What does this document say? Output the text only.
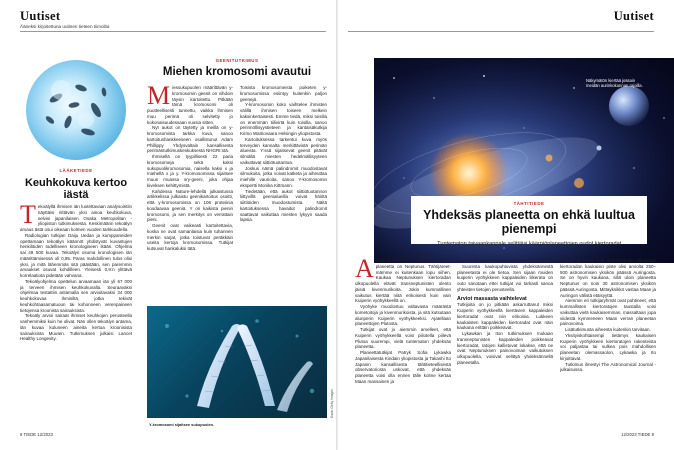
Uutiset	Uutiset
Ääneksi kirjoitettuna uutinen tieteen tiimoilta
LÄÄKETIEDE
Keuhkokuva kertoo iästä

Tekoälyllä ihmisen iän luotettavaan analysointiin näyttäisi riittävän yksi ainoa keuhkokuva, selvisi japanilaisen Osaka Metropolitan -yliopiston tutkimuksesta. Keskimäärin tekoälyn arvaus ästä osui oikeaan kolmen vuoden tarkkuudella.

Radiologian tutkijan Daiju Uedan ja kumppaneiden opettamaan tekoälyn käännöt yhdistyvät kuvantujen henkilöiden todelliseen kronologiseen ikään. Ohjelma sai 49 500 kuvaa. Tekoälyn osuma kronologisen iän määrittämisessä oli 0,95. Paras mahdollinen tulos olisi yksi, ja mitä lähemmäs sitä päästään, sen paremmin arvaukset osuvat kohdilleen. Yleisesti 0,9:n ylittävä korrelaatiota pidetään vahvana.

Tekoälyohjelma opettelun arvaamaan iän yli 67 000 ja terveen ihmisen keuhkokuvalla. Seuraavaksi ohjelmaa testattiin antamalla sen arvioitavaksi 34 000 keuhkokuvaa ihmisiltä, jotka tekivät keuhkohtaasamatuoun tai kohonneen verenpaineen tietojensa kroonista sairauksista.

Tekoäly arvioi sairaat ihmiset keuhkojen perusteella vanhemmiksi kuin he olivat. Nän ollen tekoälyn antama, iän kuvaa kuluneen aineita kertoa kroonisista sairauksista Muuten. Tutkimuksen julkaisi Lancet Healthy Longevity.

GEENITUTKIMUS
Miehen kromosomi avautui

Miessukupuolen määrittävän y-kromosomin geenit on vihdoin täysin kartoitettu. Pitkään tämä kromosomi oli puutteellisesti tunnettu, vaikka ihmisen muu perimä oli selvitetty jo kokonaisuudessaan vuosia sitten.

Nyt aukot on täytetty ja meillä on y-kromosomista tarkka kuva, sanoo kartoitushankkeeseen osallistunut Adam Phillippy Yhdysvaltain kansallisesta perimäntutkimuskeskuksesta NHGRI:stä.

Ihmisellä on tyypillisesti 22 paria kromosomeja sekä kaksi sukupuolikromosomia, naisella kaksi x ja miehellä x ja y. Y-kromosomissa sijaitsee muun muassa sry-geeni, joka ohjaa kiveksen kehittymistä.

Kahdessa Nature-lehdellä julkaistussa artikkelissa julkaistu geenikartoitus osoitti, että y-kromosomissa on 106 proteiinia koodaavaa geeniä. Y on kaikista pienin kromosomi, ja sen merkitys on verrattain pieni.

Geenit ovat vaikeasti kartoitettavia, koska ne ovat samanlaisia kuin tuhannen merkin sarjat, jotka toistuvat peräkkäin useita kertoja kromosomissa. Tutkijat kutsuvat hankaluksi tätä.

Toisista kromosomeista poiketen y-kromosomissa esiintyy kuitenkin paljon geenejä.

Y-kromosomin koko vaihtelee ihmisten välillä ihmisen toiseen melkein kaksinkertaisesti. Emme tiedä, miksi toisilla on enemmän tiilivirtä kuin toisilla, sanoo perinnöllisyystieteen ja kantaisäkutkija Kirmo Wartiovaara Helsingin yliopistosta.

Kartoituksessa tarkentui kuva myös terveyden kannalta merkittävistä perimän alueista. Y:ssä sijaitsevat geenit pitävät silmällä miesten hedelmällisyyteen vaikuttavat siittiötuotantoa.

Joskus nämä palindromit muodostavat silmukoita, jotka voivat katketa ja aiheuttaa miehille vaurioita, sanoo Y-kromosomin ekspertti Monika Kittmann.

Tiedetään, että aukot siittiötuotannon liittyvillä geenialueilla voivat häiritä siittiöiden muodostumista. Näitä kartoituksessa havaitut palindromit saattavat vaikuttaa miesten lykyyn saada lapsia.

Y-kromosomi sijaitsee sukupuolen.
Kuva: Getty Images
Näkymätön kiertää jossain meidän aurinkokunnan rajoilla.
TÄHTITIEDE
Yhdeksäs planeetta on ehkä luultua pienempi
Tuntematon taivaankappale selittäisi käärpiöplaneettojen oudot kiertoradat.

Aurinkokuntamme uloin tunnettu planeetta on Neptunus. Tähtijäreet-mämme ei kuitenkaan lopu siihen. Kaukaa Neptunuksen kiertoradan ulkopuolella elävät transneptunisten olento jäisiä kivenmurikoita. Jokin kummallinen vaikutus kiertää niitä erikoisesti kuin vain Kuiperin vyöhykkeellä on.

Vyöhyke muodostuu valtavasta määrästä kometoitoja ja kivenmurikoista, ja sitä kutsutaan alunperin Kuiperin vyöhykkeeksi. Ajatellaan planeettojen Plutosta.

Tutkijat ovat jo aiemmin arvelleet, että Kuiperin vyöhykkeellä voisi piilotella piilevä Plutoa suurempi, vielä tuntematon yhdeksäs planeetta.

Planeettatutkijat Patryk Sofia Lykawka Japanilaisesta Kindain yliopistosta ja Takashi Ito Japanin kansallisesta tähtitieteellisestä observatoriosta uskovat, että yhdeksäs planeetta voisi olla ennen tälle kolme kertaa Maan massainen ja

kätketty kaukana aurinkokuntamme äärilaidalla.

Suuresta kaukopuhtuvista yhdeksännestä planeetasta ei ole tietoa. Sen sijaan muiden kuiperin vyöhykkeen kappaleiden liikerata on outo sanotaan ettei tutkijat voi tarkasti sanoa yhteisten tietojen perusteella.

Arviot massasta vaihtelevat

Tutkijoita on jo pitkään askarruttanut miksi Kuiperin vyöhykkeellä kiertävien kappaleiden kiertoradat ovat niin erikoisia. Lukkeen kaukaisten kappaleiden kiertoradat ovat näin kaukana erittäin poikkeavat.

Lykawkan ja Iton tutkimuksen mukaan transneptunisten kappaleiden poikkeavat kiertoradat, ratojen kallistuvat lokakse, että ne ovat Neptunuksen painovoiman vaikutuksen ulkopuolella, voisivat selittyä yhdeksännellä planeetalla.

Tutkijat laskevat, että yhdeksännen planeetan kiertoradan kaukaisin piste olisi arviolta 250–500 astronomisen yksikön päässä Auringosta. Se on hyvin kaukana, sillä uloin planeetta Neptunus on noin 30 astronomisen yksikön päässä Auringosta. Mittayksikkö vastaa Maan ja Auringon välistä etäisyyttä.

Aiemmin eri tutkijaryhmät ovat pohtineet, että kummallisten kiertoratojen taustalla voisi vaikuttaa vielä kaukaisemman, massaltaan jopa viidestä kymmeneen Maan verran planeetan painovoima.

Lisätutkimusta aiheesta kuitenkin tarvitaan.

Yksityiskohtaisempi tietämys kaukaisen Kuiperin vyöhykkeen kiertoratojen rakenteista voi paljastaa tai sulkea pois mahdollisen planeetan olemassaolon, Lykawka ja Ito kirjoittavat.

Tutkimus ilmestyi The Astronomical Journal -julkaisussa.

8 TIEDE 12/2023	12/2023 TIEDE 9
